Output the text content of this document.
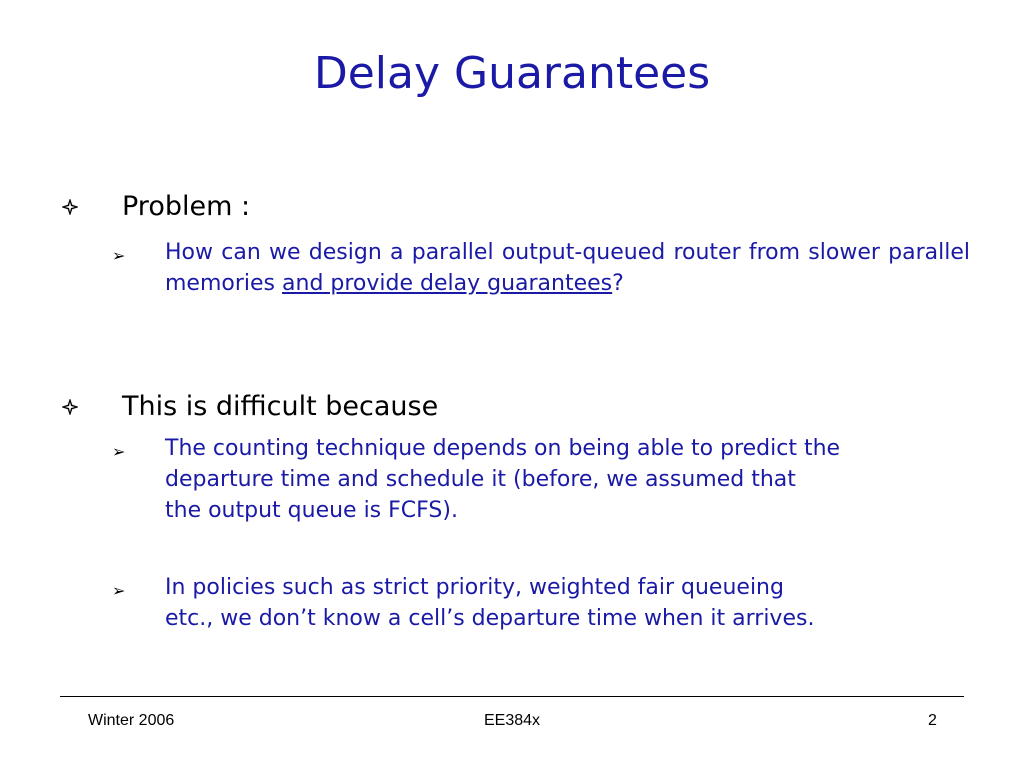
Delay Guarantees
Problem :
➢ How can we design a parallel output-queued router from slower parallel memories and provide delay guarantees?
This is difficult because
➢ The counting technique depends on being able to predict the
departure time and schedule it (before, we assumed that
the output queue is FCFS).
➢ In policies such as strict priority, weighted fair queueing
etc., we don’t know a cell’s departure time when it arrives.
Winter 2006	EE384x	2
